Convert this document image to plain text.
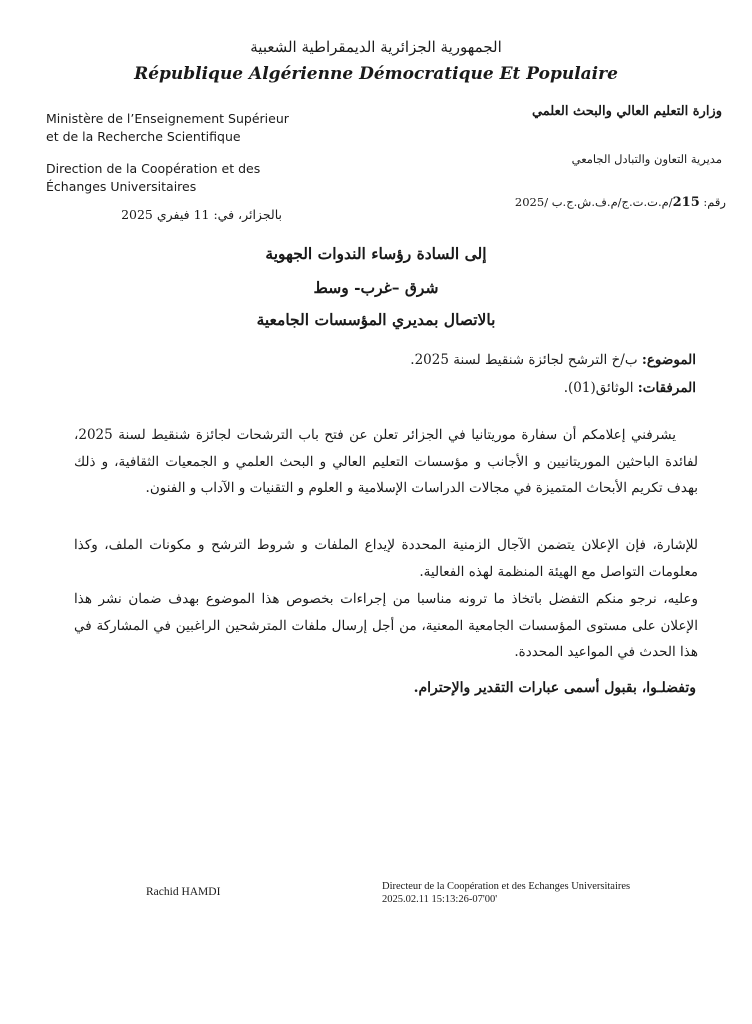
الجمهورية الجزائرية الديمقراطية الشعبية
République Algérienne Démocratique Et Populaire
Ministère de l’Enseignement Supérieur
et de la Recherche Scientifique
Direction de la Coopération et des
Échanges Universitaires
وزارة التعليم العالي والبحث العلمي
مديرية التعاون والتبادل الجامعي
رقم: 215/م.ت.ت.ج/م.ف.ش.ج.ب /2025
بالجزائر، في: 11 فيفري 2025
إلى السادة رؤساء الندوات الجهوية
شرق –غرب- وسط
بالاتصال بمديري المؤسسات الجامعية
الموضوع: ب/خ الترشح لجائزة شنقيط لسنة 2025.
المرفقات: الوثائق(01).
يشرفني إعلامكم أن سفارة موريتانيا في الجزائر تعلن عن فتح باب الترشحات لجائزة شنقيط لسنة 2025، لفائدة الباحثين الموريتانيين و الأجانب و مؤسسات التعليم العالي و البحث العلمي و الجمعيات الثقافية، و ذلك بهدف تكريم الأبحاث المتميزة في مجالات الدراسات الإسلامية و العلوم و التقنيات و الآداب و الفنون.
للإشارة، فإن الإعلان يتضمن الآجال الزمنية المحددة لإيداع الملفات و شروط الترشح و مكونات الملف، وكذا معلومات التواصل مع الهيئة المنظمة لهذه الفعالية.
وعليه، نرجو منكم التفضل باتخاذ ما ترونه مناسبا من إجراءات بخصوص هذا الموضوع بهدف ضمان نشر هذا الإعلان على مستوى المؤسسات الجامعية المعنية، من أجل إرسال ملفات المترشحين الراغبين في المشاركة في هذا الحدث في المواعيد المحددة.
وتفضلـوا، بقبول أسمى عبارات التقدير والإحترام.
Rachid HAMDI	Directeur de la Coopération et des Echanges Universitaires
2025.02.11 15:13:26-07'00'
